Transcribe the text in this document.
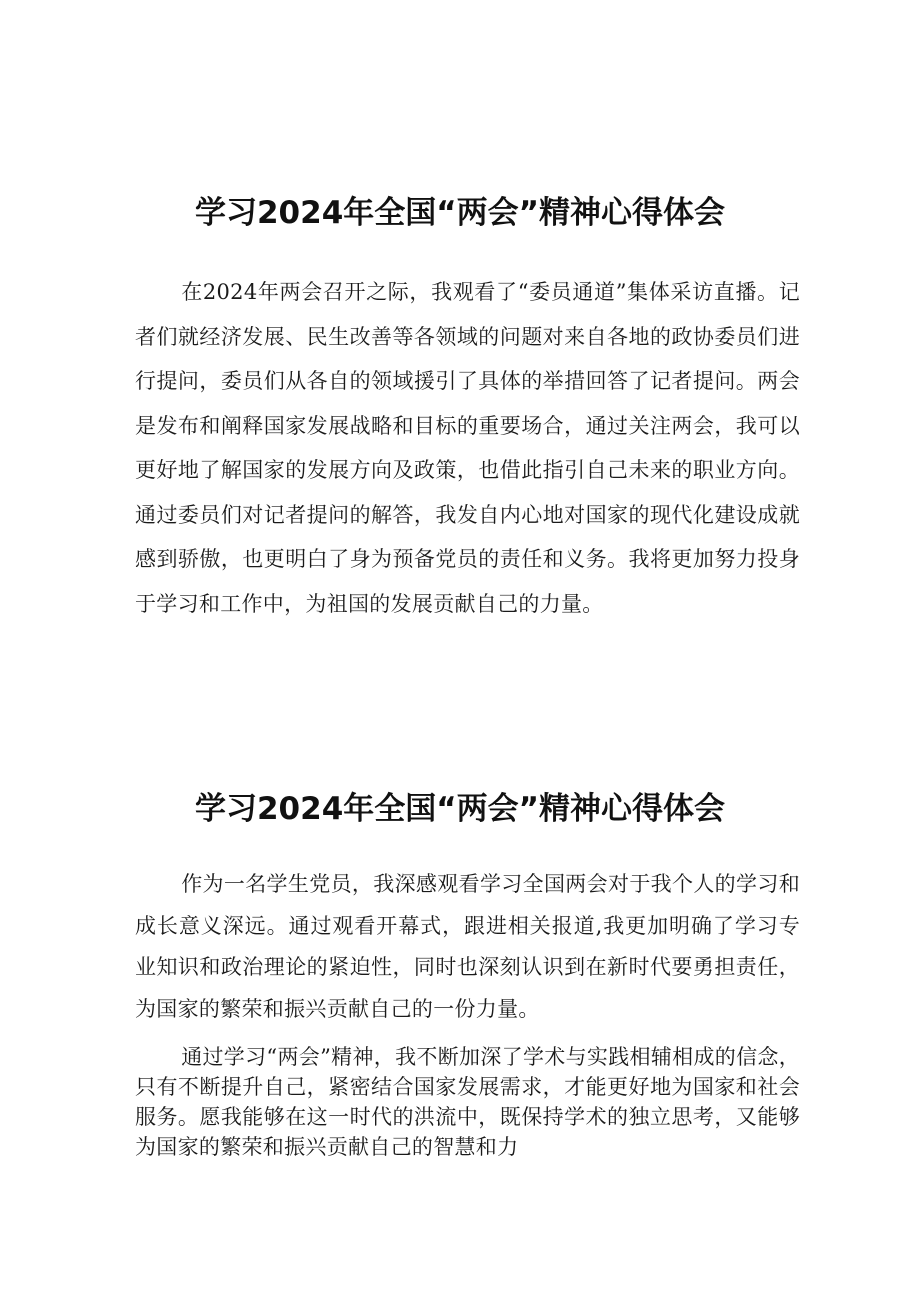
学习2024年全国“两会”精神心得体会

在2024年两会召开之际，我观看了“委员通道”集体采访直播。记者们就经济发展、民生改善等各领域的问题对来自各地的政协委员们进行提问，委员们从各自的领域援引了具体的举措回答了记者提问。两会是发布和阐释国家发展战略和目标的重要场合，通过关注两会，我可以更好地了解国家的发展方向及政策，也借此指引自己未来的职业方向。通过委员们对记者提问的解答，我发自内心地对国家的现代化建设成就感到骄傲，也更明白了身为预备党员的责任和义务。我将更加努力投身于学习和工作中，为祖国的发展贡献自己的力量。

学习2024年全国“两会”精神心得体会

作为一名学生党员，我深感观看学习全国两会对于我个人的学习和成长意义深远。通过观看开幕式，跟进相关报道,我更加明确了学习专业知识和政治理论的紧迫性，同时也深刻认识到在新时代要勇担责任，为国家的繁荣和振兴贡献自己的一份力量。

通过学习“两会”精神，我不断加深了学术与实践相辅相成的信念，只有不断提升自己，紧密结合国家发展需求，才能更好地为国家和社会服务。愿我能够在这一时代的洪流中，既保持学术的独立思考，又能够为国家的繁荣和振兴贡献自己的智慧和力
